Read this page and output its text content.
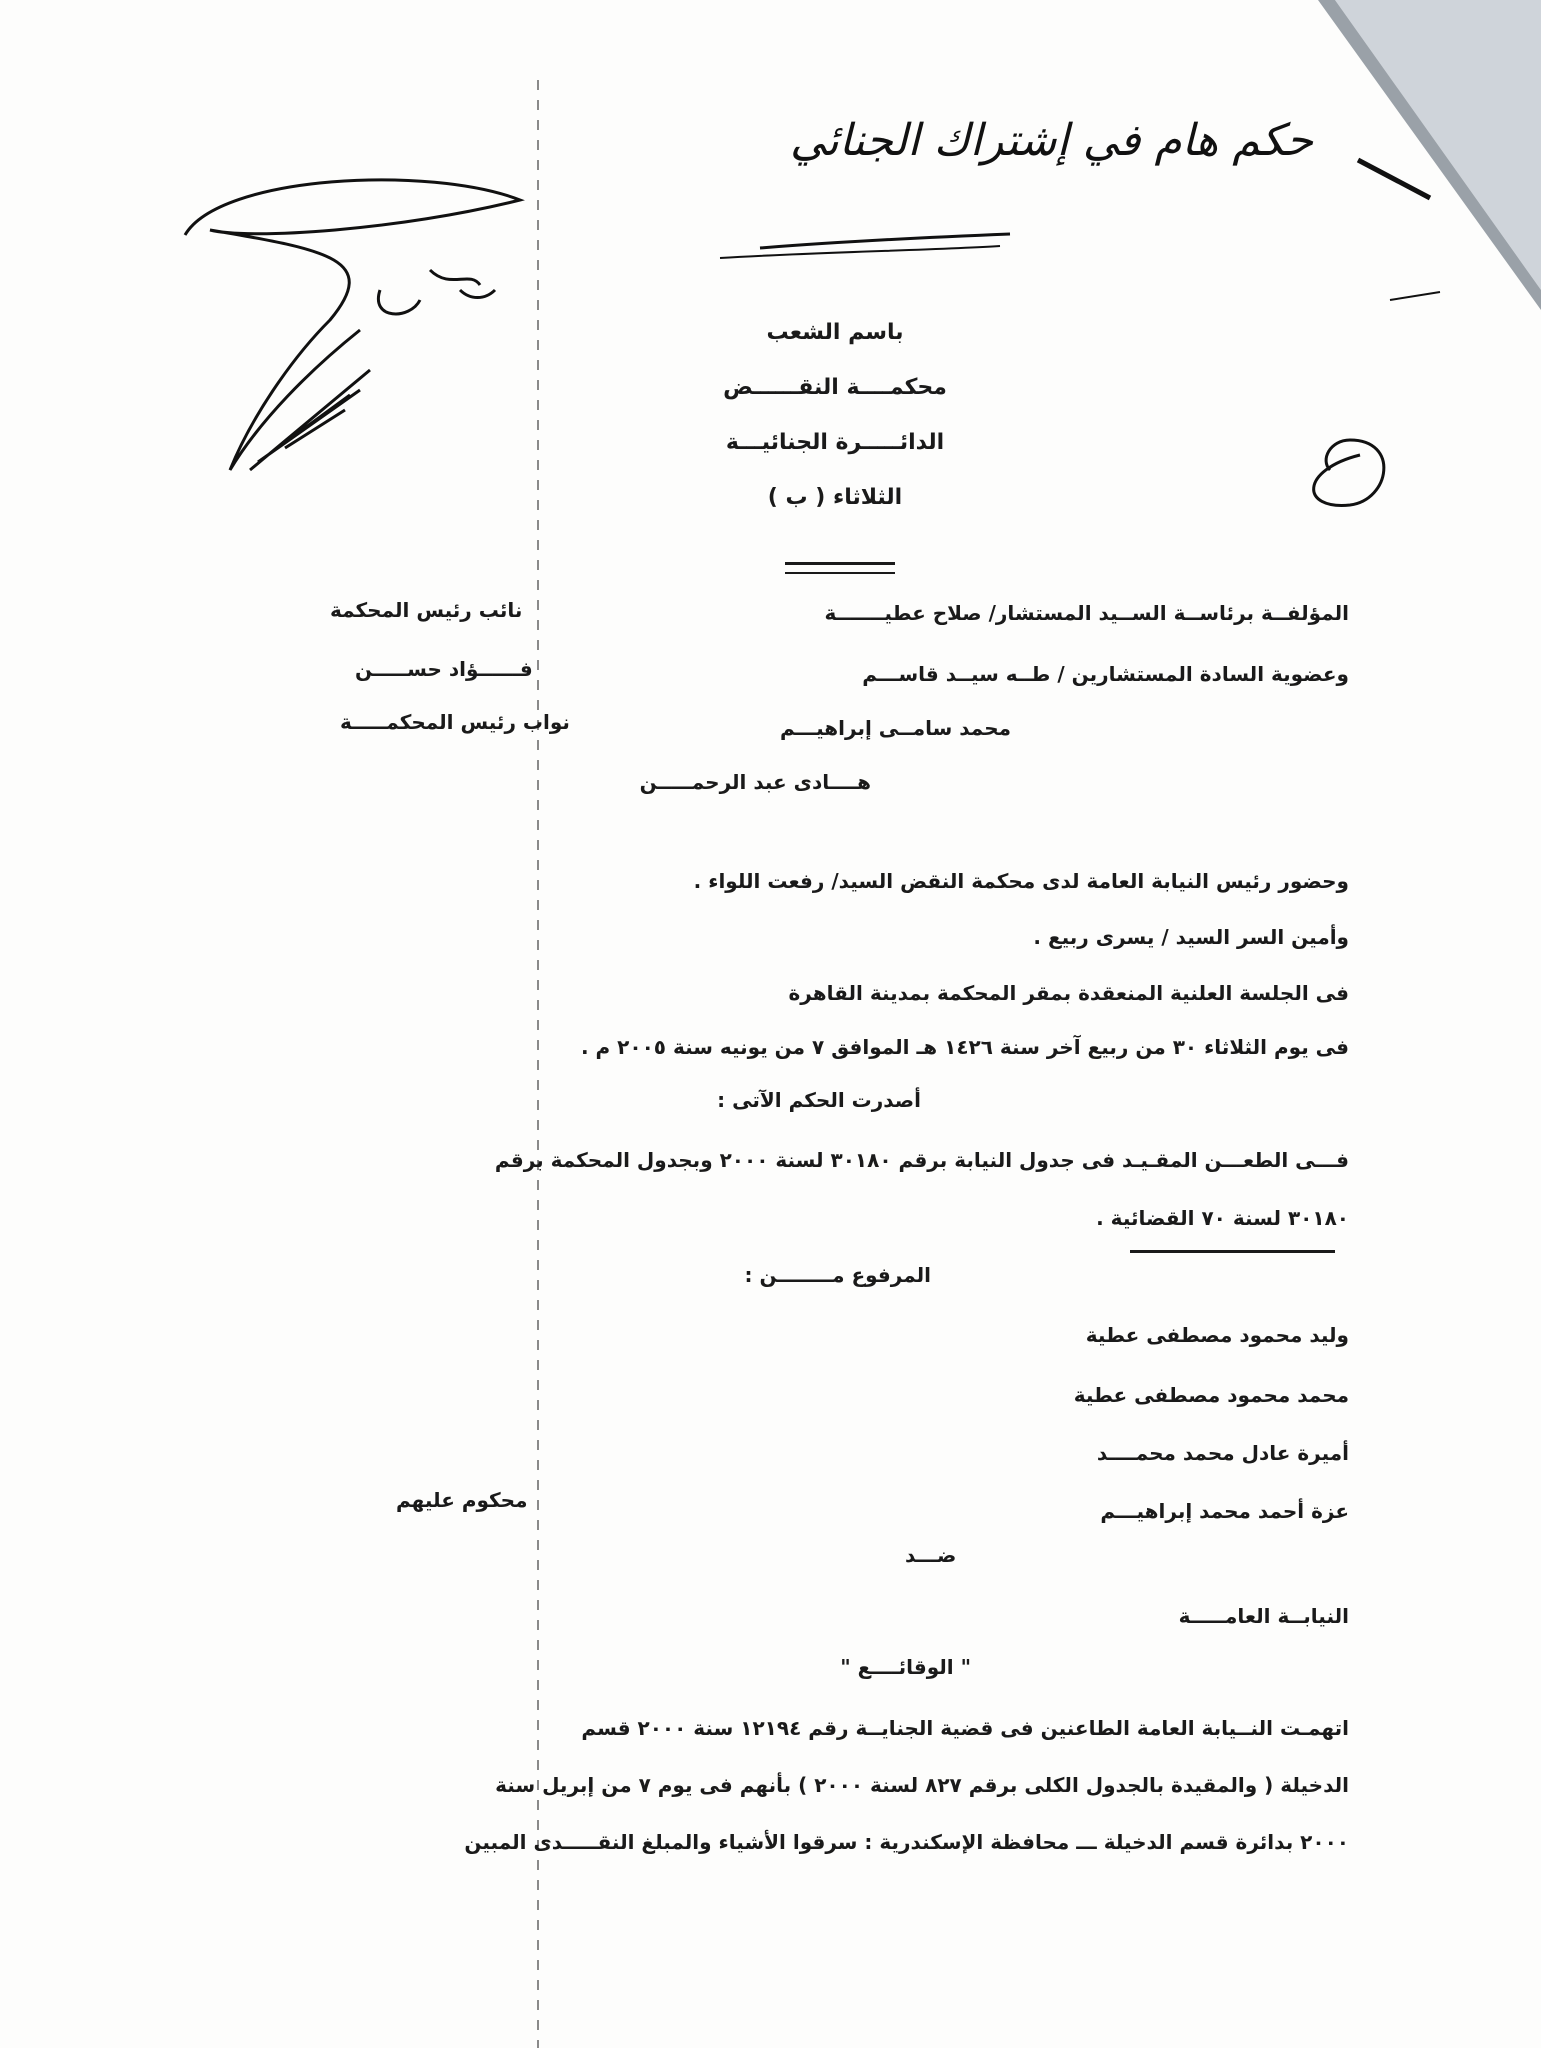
حكم هام في إشتراك الجنائي
باسم الشعب
محكمــــة النقــــــض
الدائـــــرة الجنائيـــة
الثلاثاء ( ب )
المؤلفــة برئاســة الســيد المستشار/ صلاح عطيـــــــة
نائب رئيس المحكمة
وعضوية السادة المستشارين / طــه سيــد قاســـم
فــــــؤاد حســـــن
محمد سامــى إبراهيـــم
نواب رئيس المحكمـــــة
هــــادى عبد الرحمـــــن
وحضور رئيس النيابة العامة لدى محكمة النقض السيد/ رفعت اللواء .
وأمين السر السيد / يسرى ربيع .
فى الجلسة العلنية المنعقدة بمقر المحكمة بمدينة القاهرة
فى يوم الثلاثاء ٣٠ من ربيع آخر سنة ١٤٢٦ هـ الموافق ٧ من يونيه سنة ٢٠٠٥ م .
أصدرت الحكم الآتى :
فـــى الطعـــن المقـيـد فى جدول النيابة برقم ٣٠١٨٠ لسنة ٢٠٠٠ وبجدول المحكمة برقم
٣٠١٨٠ لسنة ٧٠ القضائية .
المرفوع مــــــــن :
وليد محمود مصطفى عطية
محمد محمود مصطفى عطية
أميرة عادل محمد محمــــد
عزة أحمد محمد إبراهيـــم
محكوم عليهم
ضـــد
النيابــة العامـــــة
" الوقائــــع "
اتهمـت النــيابة العامة الطاعنين فى قضية الجنايــة رقم ١٢١٩٤ سنة ٢٠٠٠ قسم
الدخيلة ( والمقيدة بالجدول الكلى برقم ٨٢٧ لسنة ٢٠٠٠ ) بأنهم فى يوم ٧ من إبريل سنة
٢٠٠٠ بدائرة قسم الدخيلة ـــ محافظة الإسكندرية : سرقوا الأشياء والمبلغ النقـــــدى المبين
